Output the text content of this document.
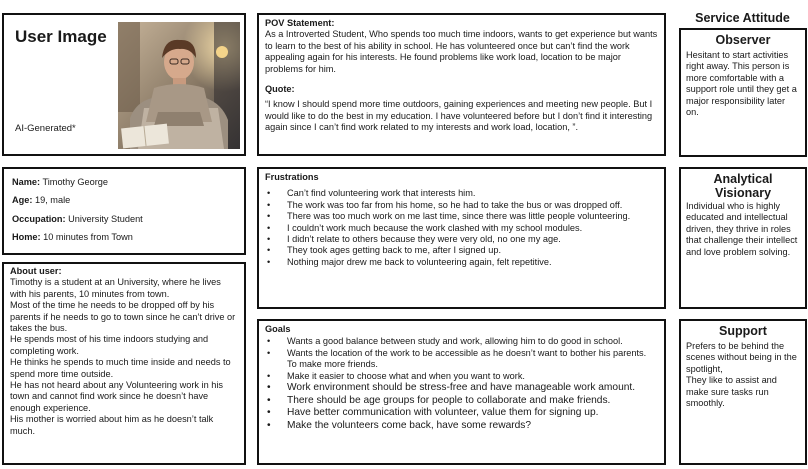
User Image
AI-Generated*
POV Statement:
As a Introverted Student, Who spends too much time indoors, wants to get experience but wants to learn to the best of his ability in school. He has volunteered once but can’t find the work appealing again for his interests. He found problems like work load, location to be major problems for him.
Quote:
“I know I should spend more time outdoors, gaining experiences and meeting new people. But I would like to do the best in my education. I have volunteered before but I don’t find it interesting again since I can’t find work related to my interests and work load, location, ”.
Service Attitude
Observer
Hesitant to start activities right away. This person is more comfortable with a support role until they get a major responsibility later on.
Analytical
Visionary
Individual who is highly educated and intellectual driven, they thrive in roles that challenge their intellect and love problem solving.
Support
Prefers to be behind the scenes without being in the spotlight,
They like to assist and make sure tasks run smoothly.
Name: Timothy George
Age: 19, male
Occupation: University Student
Home: 10 minutes from Town
About user:
Timothy is a student at an University, where he lives with his parents, 10 minutes from town.
Most of the time he needs to be dropped off by his parents if he needs to go to town since he can’t drive or takes the bus.
He spends most of his time indoors studying and completing work.
He thinks he spends to much time inside and needs to spend more time outside.
He has not heard about any Volunteering work in his town and cannot find work since he doesn’t have enough experience.
His mother is worried about him as he doesn’t talk much.
Frustrations
• Can’t find volunteering work that interests him.
• The work was too far from his home, so he had to take the bus or was dropped off.
• There was too much work on me last time, since there was little people volunteering.
• I couldn’t work much because the work clashed with my school modules.
• I didn’t relate to others because they were very old, no one my age.
• They took ages getting back to me, after I signed up.
• Nothing major drew me back to volunteering again, felt repetitive.
Goals
• Wants a good balance between study and work, allowing him to do good in school.
• Wants the location of the work to be accessible as he doesn’t want to bother his parents. To make more friends.
• Make it easier to choose what and when you want to work.
• Work environment should be stress-free and have manageable work amount.
• There should be age groups for people to collaborate and make friends.
• Have better communication with volunteer, value them for signing up.
• Make the volunteers come back, have some rewards?
